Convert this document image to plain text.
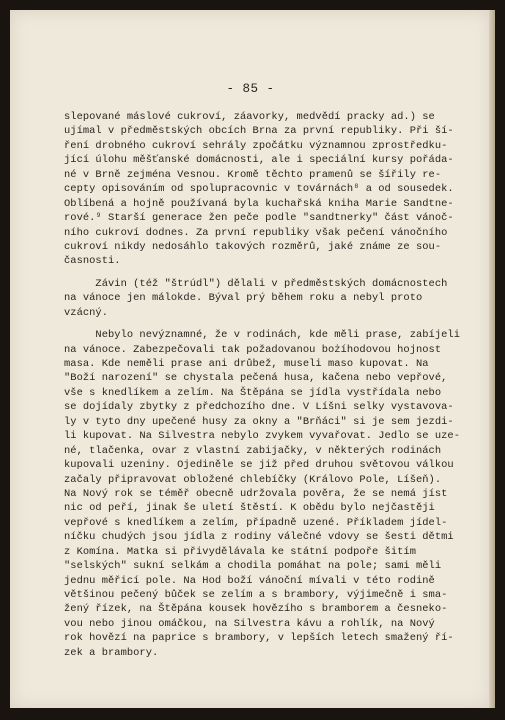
- 85 -
slepované máslové cukroví, záavorky, medvědí pracky ad.) se
ujímal v předměstských obcích Brna za první republiky. Při ší-
ření drobného cukroví sehrály zpočátku významnou zprostředku-
jící úlohu měšťanské domácnosti, ale i speciální kursy pořáda-
né v Brně zejména Vesnou. Kromě těchto pramenů se šířily re-
cepty opisováním od spolupracovnic v továrnách⁸ a od sousedek.
Oblíbená a hojně používaná byla kuchařská kniha Marie Sandtne-
rové.⁹ Starší generace žen peče podle "sandtnerky" část vánoč-
ního cukroví dodnes. Za první republiky však pečení vánočního
cukroví nikdy nedosáhlo takových rozměrů, jaké známe ze sou-
časnosti.
Závin (též "štrúdl") dělali v předměstských domácnostech
na vánoce jen málokde. Býval prý během roku a nebyl proto
vzácný.
Nebylo nevýznamné, že v rodinách, kde měli prase, zabíjeli
na vánoce. Zabezpečovali tak požadovanou bożíhodovou hojnost
masa. Kde neměli prase ani drůbež, museli maso kupovat. Na
"Boží narození" se chystala pečená husa, kačena nebo vepřové,
vše s knedlíkem a zelím. Na Štěpána se jídla vystřídala nebo
se dojídaly zbytky z předchozího dne. V Líšni selky vystavova-
ly v tyto dny upečené husy za okny a "Brňáci" si je sem jezdi-
li kupovat. Na Silvestra nebylo zvykem vyvařovat. Jedlo se uze-
né, tlačenka, ovar z vlastní zabijačky, v některých rodinách
kupovali uzeniny. Ojediněle se již před druhou světovou válkou
začaly připravovat obložené chlebíčky (Královo Pole, Líšeň).
Na Nový rok se téměř obecně udržovala pověra, že se nemá jíst
nic od peří, jinak še uletí štěstí. K obědu bylo nejčastěji
vepřové s knedlíkem a zelím, případně uzené. Příkladem jídel-
níčku chudých jsou jídla z rodiny válečné vdovy se šesti dětmi
z Komína. Matka si přivydělávala ke státní podpoře šitím
"selských" sukní selkám a chodila pomáhat na pole; sami měli
jednu měřicí pole. Na Hod boží vánoční mívali v této rodině
většinou pečený bůček se zelím a s brambory, výjimečně i sma-
žený řízek, na Štěpána kousek hovězího s bramborem a česneko-
vou nebo jinou omáčkou, na Silvestra kávu a rohlík, na Nový
rok hovězí na paprice s brambory, v lepších letech smažený ří-
zek a brambory.
